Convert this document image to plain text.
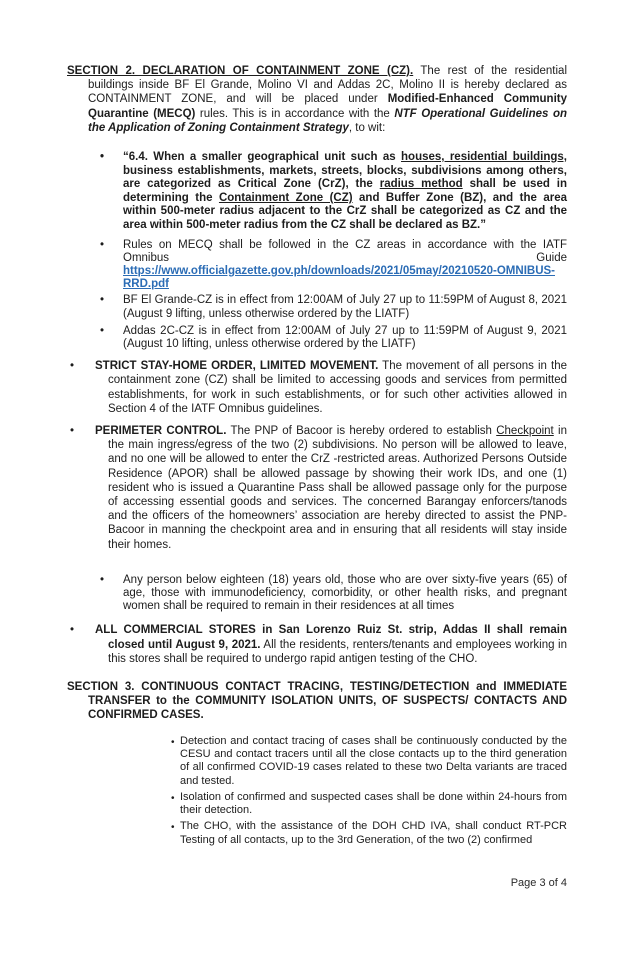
SECTION 2. DECLARATION OF CONTAINMENT ZONE (CZ). The rest of the residential buildings inside BF El Grande, Molino VI and Addas 2C, Molino II is hereby declared as CONTAINMENT ZONE, and will be placed under Modified-Enhanced Community Quarantine (MECQ) rules. This is in accordance with the NTF Operational Guidelines on the Application of Zoning Containment Strategy, to wit:

• “6.4. When a smaller geographical unit such as houses, residential buildings, business establishments, markets, streets, blocks, subdivisions among others, are categorized as Critical Zone (CrZ), the radius method shall be used in determining the Containment Zone (CZ) and Buffer Zone (BZ), and the area within 500-meter radius adjacent to the CrZ shall be categorized as CZ and the area within 500-meter radius from the CZ shall be declared as BZ.”
• Rules on MECQ shall be followed in the CZ areas in accordance with the IATF Omnibus Guide https://www.officialgazette.gov.ph/downloads/2021/05may/20210520-OMNIBUS-RRD.pdf
• BF El Grande-CZ is in effect from 12:00AM of July 27 up to 11:59PM of August 8, 2021 (August 9 lifting, unless otherwise ordered by the LIATF)
• Addas 2C-CZ is in effect from 12:00AM of July 27 up to 11:59PM of August 9, 2021 (August 10 lifting, unless otherwise ordered by the LIATF)
• STRICT STAY-HOME ORDER, LIMITED MOVEMENT. The movement of all persons in the containment zone (CZ) shall be limited to accessing goods and services from permitted establishments, for work in such establishments, or for such other activities allowed in Section 4 of the IATF Omnibus guidelines.
• PERIMETER CONTROL. The PNP of Bacoor is hereby ordered to establish Checkpoint in the main ingress/egress of the two (2) subdivisions. No person will be allowed to leave, and no one will be allowed to enter the CrZ -restricted areas. Authorized Persons Outside Residence (APOR) shall be allowed passage by showing their work IDs, and one (1) resident who is issued a Quarantine Pass shall be allowed passage only for the purpose of accessing essential goods and services. The concerned Barangay enforcers/tanods and the officers of the homeowners’ association are hereby directed to assist the PNP-Bacoor in manning the checkpoint area and in ensuring that all residents will stay inside their homes.
• Any person below eighteen (18) years old, those who are over sixty-five years (65) of age, those with immunodeficiency, comorbidity, or other health risks, and pregnant women shall be required to remain in their residences at all times
• ALL COMMERCIAL STORES in San Lorenzo Ruiz St. strip, Addas II shall remain closed until August 9, 2021. All the residents, renters/tenants and employees working in this stores shall be required to undergo rapid antigen testing of the CHO.

SECTION 3. CONTINUOUS CONTACT TRACING, TESTING/DETECTION and IMMEDIATE TRANSFER to the COMMUNITY ISOLATION UNITS, OF SUSPECTS/ CONTACTS AND CONFIRMED CASES.

• Detection and contact tracing of cases shall be continuously conducted by the CESU and contact tracers until all the close contacts up to the third generation of all confirmed COVID-19 cases related to these two Delta variants are traced and tested.
• Isolation of confirmed and suspected cases shall be done within 24-hours from their detection.
• The CHO, with the assistance of the DOH CHD IVA, shall conduct RT-PCR Testing of all contacts, up to the 3rd Generation, of the two (2) confirmed
Page 3 of 4
